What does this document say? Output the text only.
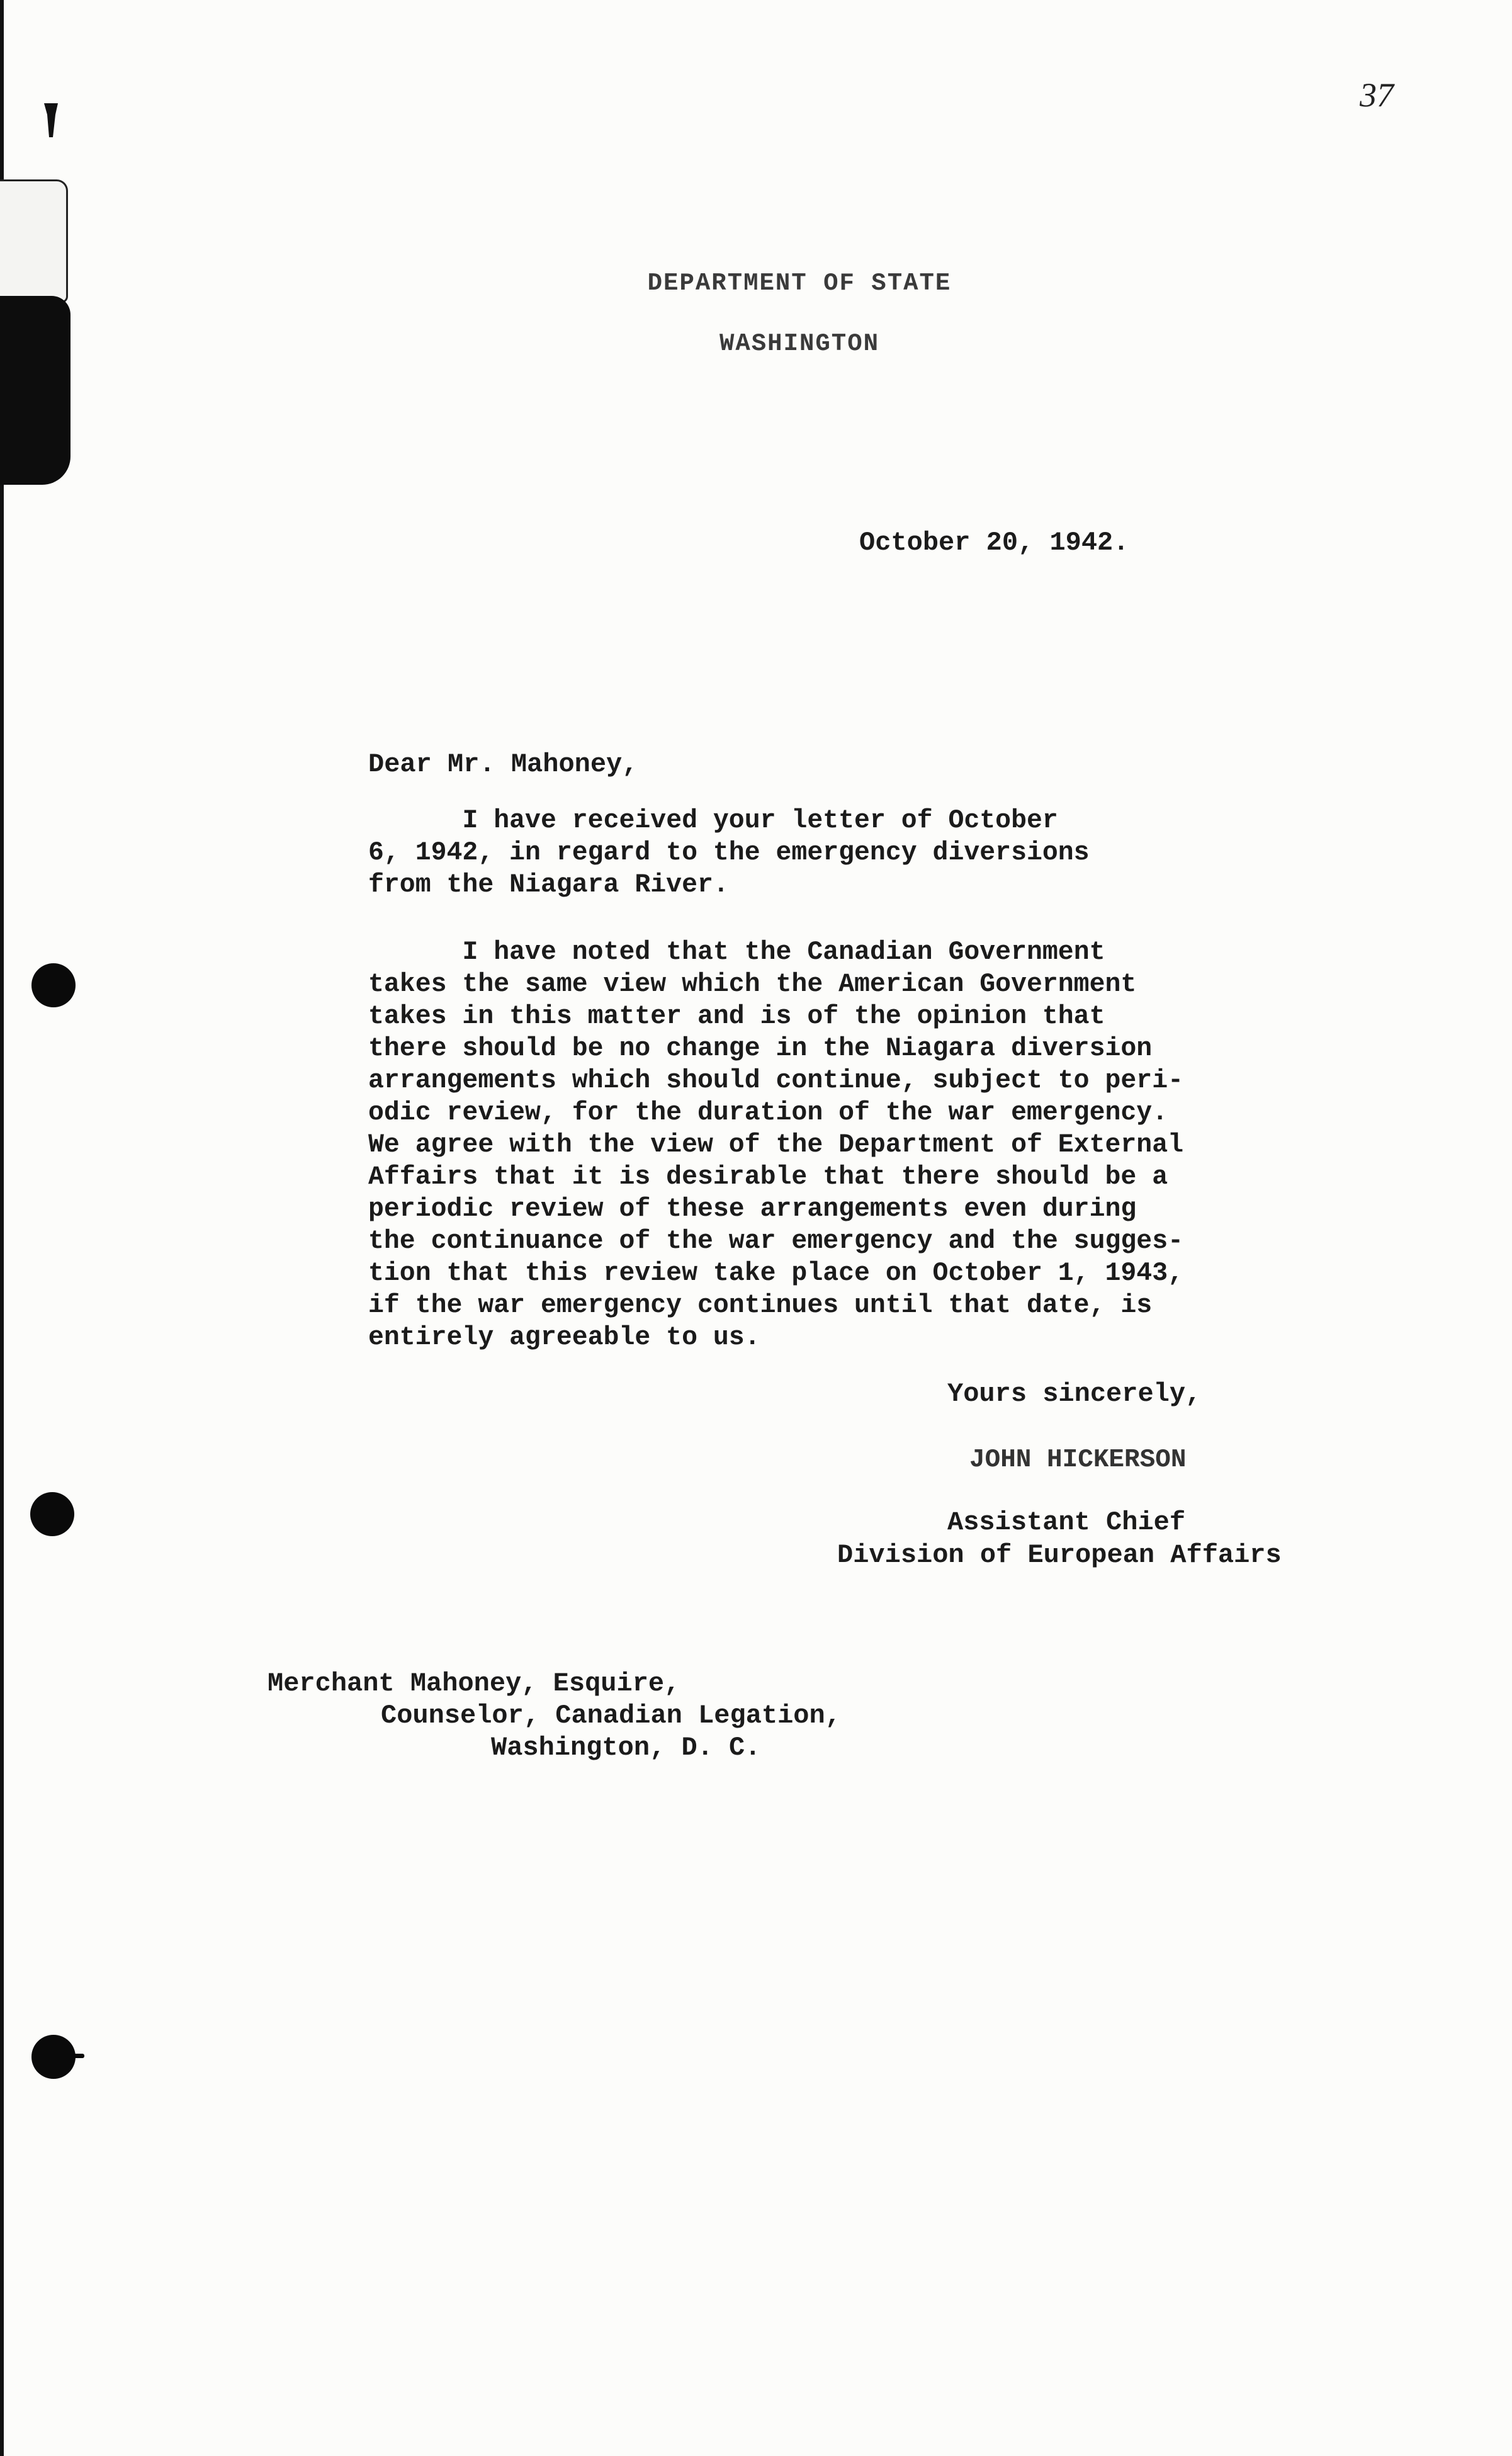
37
DEPARTMENT OF STATE
WASHINGTON
October 20, 1942.
Dear Mr. Mahoney,

I have received your letter of October
6, 1942, in regard to the emergency diversions
from the Niagara River.

I have noted that the Canadian Government
takes the same view which the American Government
takes in this matter and is of the opinion that
there should be no change in the Niagara diversion
arrangements which should continue, subject to peri-
odic review, for the duration of the war emergency.
We agree with the view of the Department of External
Affairs that it is desirable that there should be a
periodic review of these arrangements even during
the continuance of the war emergency and the sugges-
tion that this review take place on October 1, 1943,
if the war emergency continues until that date, is
entirely agreeable to us.

Yours sincerely,
JOHN HICKERSON
Assistant Chief
Division of European Affairs
Merchant Mahoney, Esquire,
Counselor, Canadian Legation,
Washington, D. C.
